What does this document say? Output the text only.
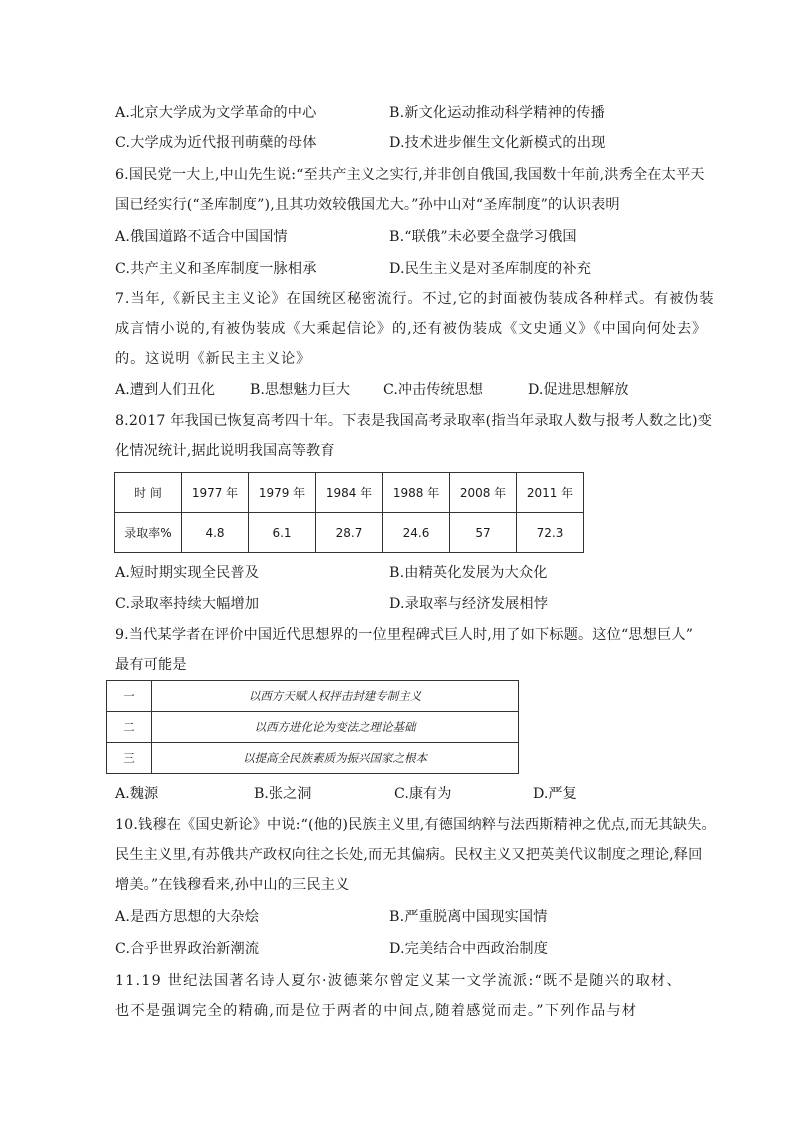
A.北京大学成为文学革命的中心	B.新文化运动推动科学精神的传播
C.大学成为近代报刊萌蘖的母体	D.技术进步催生文化新模式的出现
6.国民党一大上,中山先生说:“至共产主义之实行,并非创自俄国,我国数十年前,洪秀全在太平天
国已经实行(“圣库制度”),且其功效较俄国尤大。”孙中山对“圣库制度”的认识表明
A.俄国道路不适合中国国情	B.“联俄”未必要全盘学习俄国
C.共产主义和圣库制度一脉相承	D.民生主义是对圣库制度的补充
7.当年,《新民主主义论》在国统区秘密流行。不过,它的封面被伪装成各种样式。有被伪装
成言情小说的,有被伪装成《大乘起信论》的,还有被伪装成《文史通义》《中国向何处去》
的。这说明《新民主主义论》
A.遭到人们丑化 B.思想魅力巨大 C.冲击传统思想	D.促进思想解放
8.2017 年我国已恢复高考四十年。下表是我国高考录取率(指当年录取人数与报考人数之比)变
化情况统计,据此说明我国高等教育
时 间	1977 年	1979 年	1984 年	1988 年	2008 年	2011 年
录取率%	4.8	6.1	28.7	24.6	57	72.3
A.短时期实现全民普及	B.由精英化发展为大众化
C.录取率持续大幅增加	D.录取率与经济发展相悖
9.当代某学者在评价中国近代思想界的一位里程碑式巨人时,用了如下标题。这位“思想巨人”
最有可能是
一	以西方天赋人权抨击封建专制主义
二	以西方进化论为变法之理论基础
三	以提高全民族素质为振兴国家之根本
A.魏源	B.张之洞	C.康有为	D.严复
10.钱穆在《国史新论》中说:“(他的)民族主义里,有德国纳粹与法西斯精神之优点,而无其缺失。
民生主义里,有苏俄共产政权向往之长处,而无其偏病。民权主义又把英美代议制度之理论,释回
增美。”在钱穆看来,孙中山的三民主义
A.是西方思想的大杂烩	B.严重脱离中国现实国情
C.合乎世界政治新潮流	D.完美结合中西政治制度
11.19 世纪法国著名诗人夏尔·波德莱尔曾定义某一文学流派:“既不是随兴的取材、
也不是强调完全的精确,而是位于两者的中间点,随着感觉而走。”下列作品与材
